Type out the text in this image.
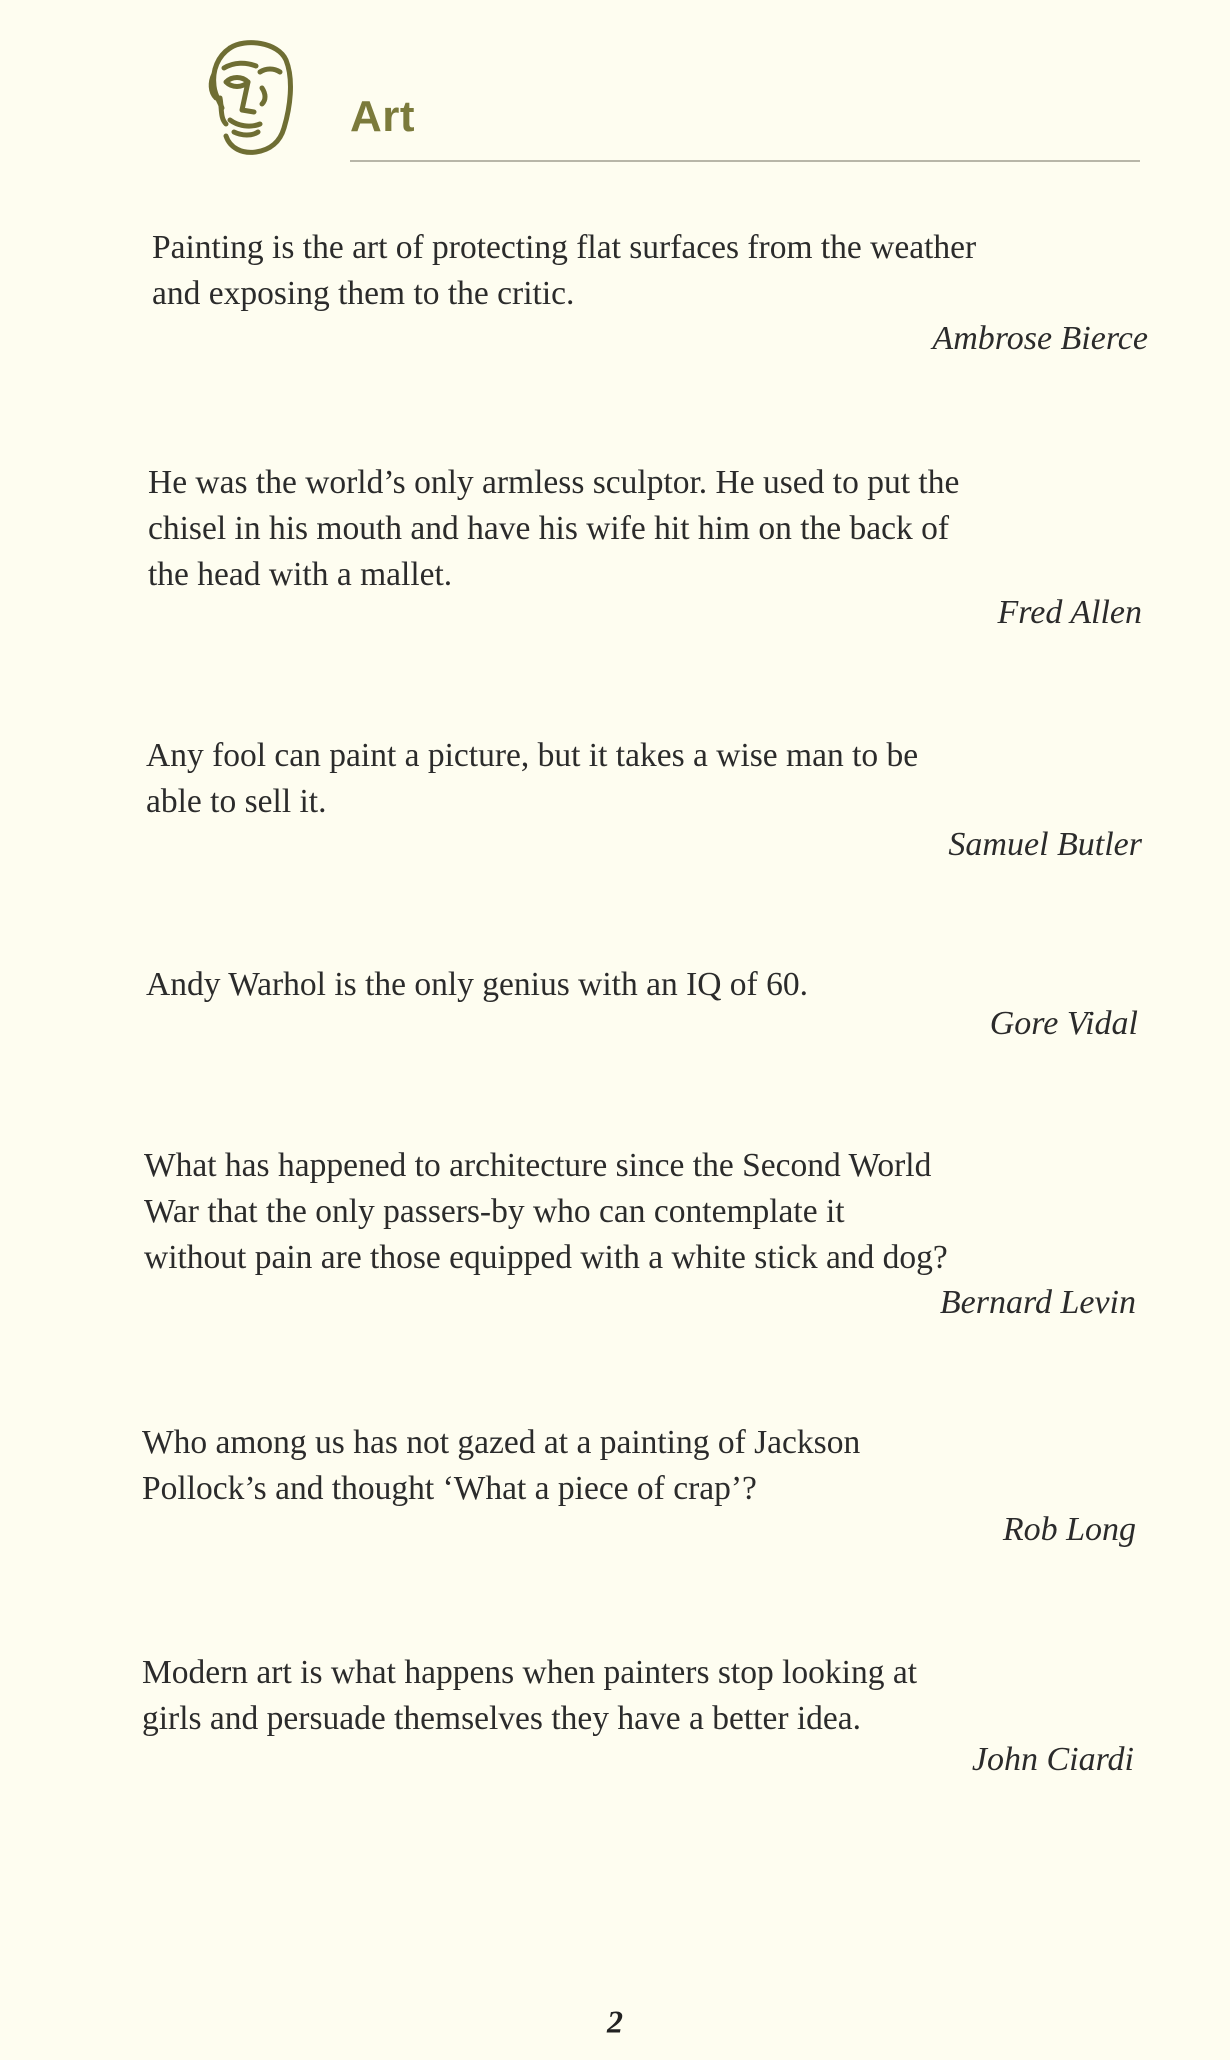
Art
Painting is the art of protecting flat surfaces from the weather
and exposing them to the critic.
Ambrose Bierce
He was the world’s only armless sculptor. He used to put the
chisel in his mouth and have his wife hit him on the back of
the head with a mallet.
Fred Allen
Any fool can paint a picture, but it takes a wise man to be
able to sell it.
Samuel Butler
Andy Warhol is the only genius with an IQ of 60.
Gore Vidal
What has happened to architecture since the Second World
War that the only passers-by who can contemplate it
without pain are those equipped with a white stick and dog?
Bernard Levin
Who among us has not gazed at a painting of Jackson
Pollock’s and thought ‘What a piece of crap’?
Rob Long
Modern art is what happens when painters stop looking at
girls and persuade themselves they have a better idea.
John Ciardi
2
